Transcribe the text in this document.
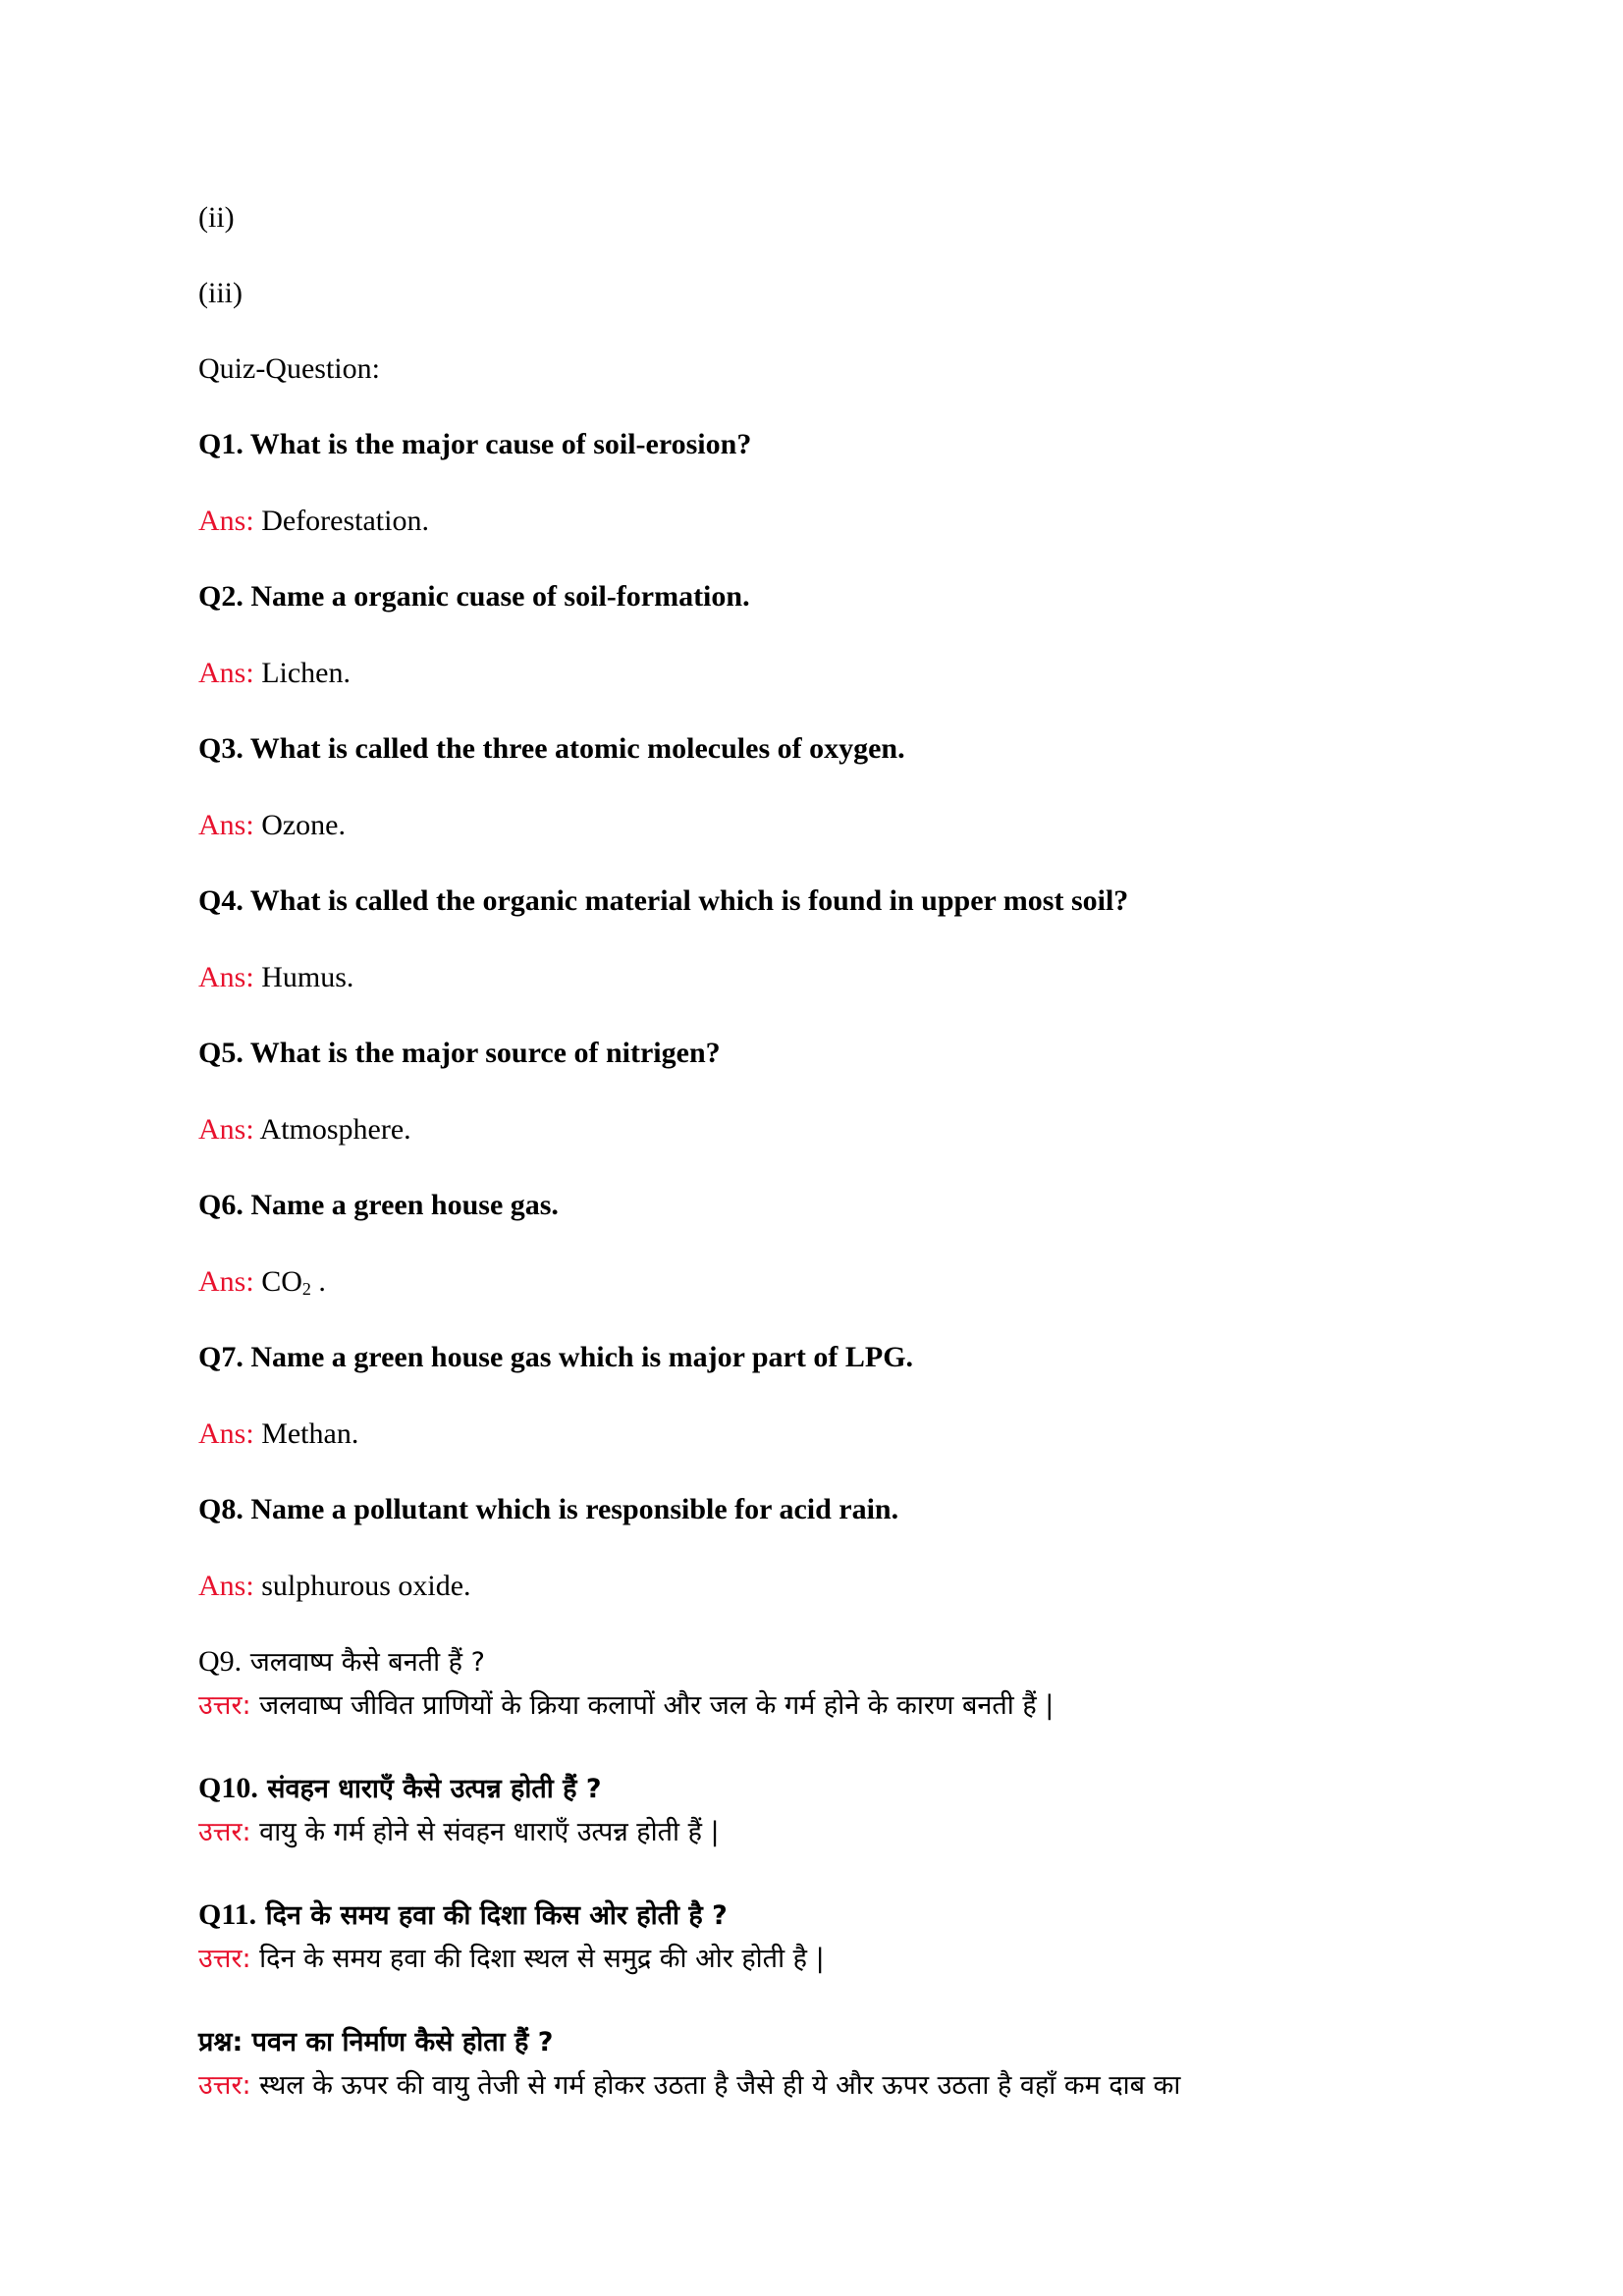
(ii)
(iii)
Quiz-Question:
Q1. What is the major cause of soil-erosion?
Ans: Deforestation.
Q2. Name a organic cuase of soil-formation.
Ans: Lichen.
Q3. What is called the three atomic molecules of oxygen.
Ans: Ozone.
Q4. What is called the organic material which is found in upper most soil?
Ans: Humus.
Q5. What is the major source of nitrigen?
Ans: Atmosphere.
Q6. Name a green house gas.
Ans: $CO_2$ .
Q7. Name a green house gas which is major part of LPG.
Ans: Methan.
Q8. Name a pollutant which is responsible for acid rain.
Ans: sulphurous oxide.
Q9. जलवाष्प कैसे बनती हैं ?
उत्तर: जलवाष्प जीवित प्राणियों के क्रिया कलापों और जल के गर्म होने के कारण बनती हैं |
Q10. संवहन धाराएँ कैसे उत्पन्न होती हैं ?
उत्तर: वायु के गर्म होने से संवहन धाराएँ उत्पन्न होती हैं |
Q11. दिन के समय हवा की दिशा किस ओर होती है ?
उत्तर: दिन के समय हवा की दिशा स्थल से समुद्र की ओर होती है |
प्रश्न: पवन का निर्माण कैसे होता हैं ?
उत्तर: स्थल के ऊपर की वायु तेजी से गर्म होकर उठता है जैसे ही ये और ऊपर उठता है वहाँ कम दाब का
